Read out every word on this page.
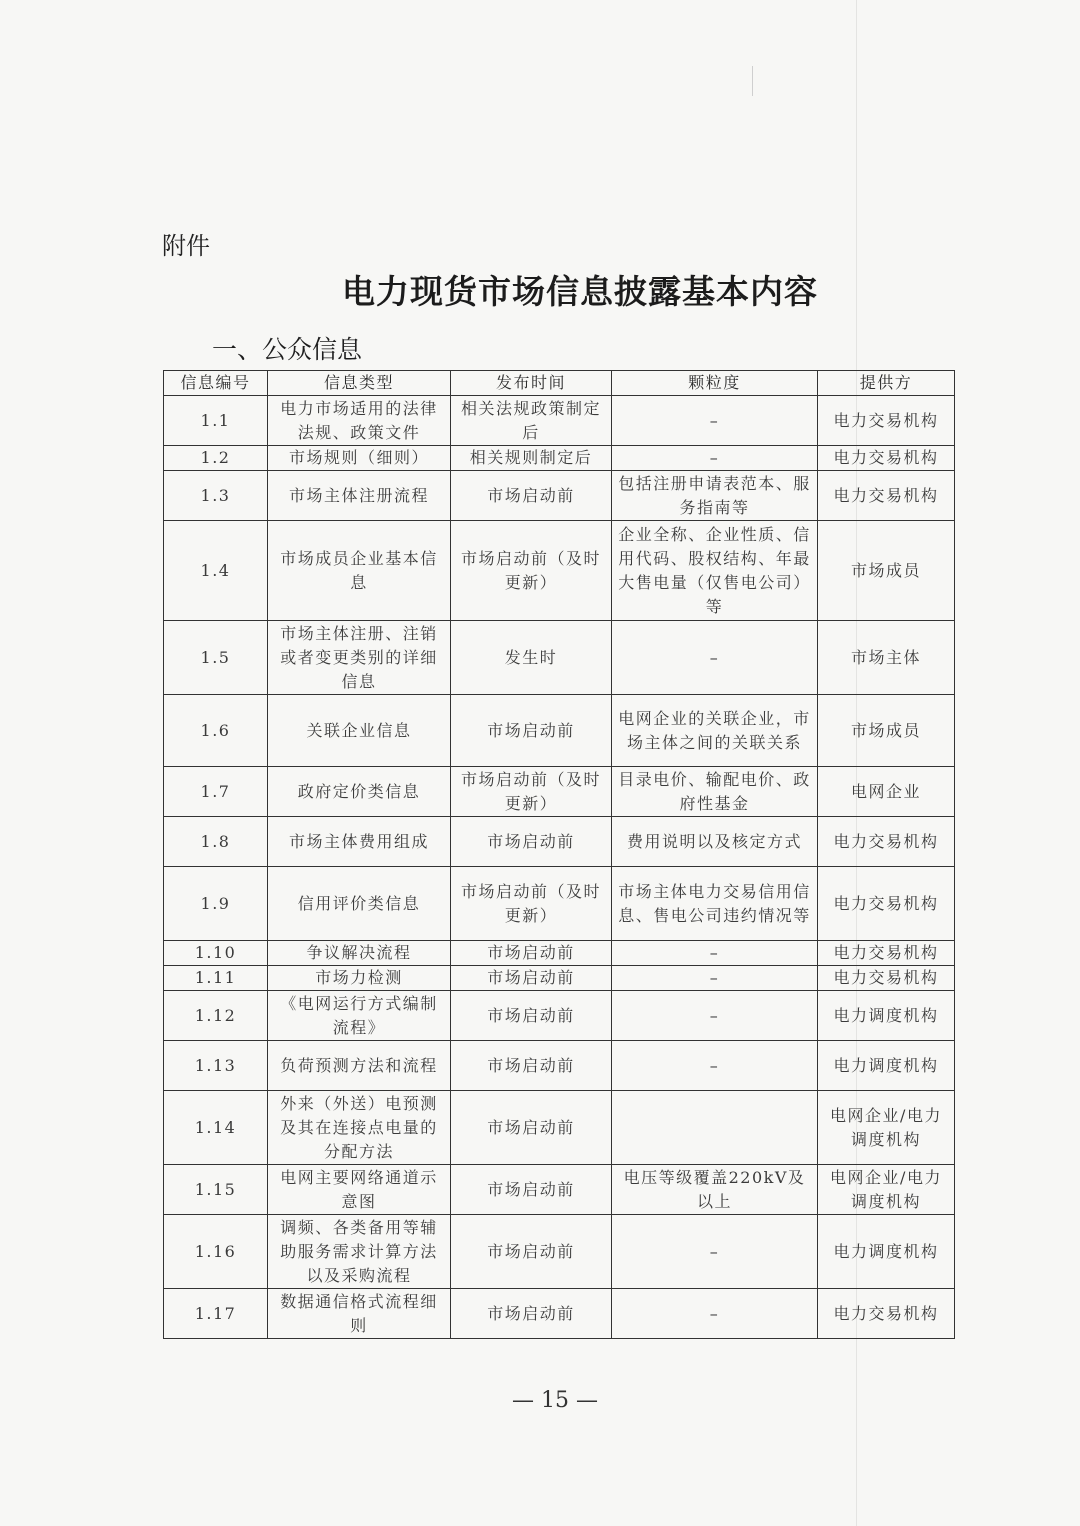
附件
电力现货市场信息披露基本内容
一、公众信息
信息编号	信息类型	发布时间	颗粒度	提供方
1.1	电力市场适用的法律法规、政策文件	相关法规政策制定后	–	电力交易机构
1.2	市场规则（细则）	相关规则制定后	–	电力交易机构
1.3	市场主体注册流程	市场启动前	包括注册申请表范本、服务指南等	电力交易机构
1.4	市场成员企业基本信息	市场启动前（及时更新）	企业全称、企业性质、信用代码、股权结构、年最大售电量（仅售电公司）等	市场成员
1.5	市场主体注册、注销或者变更类别的详细信息	发生时	–	市场主体
1.6	关联企业信息	市场启动前	电网企业的关联企业，市场主体之间的关联关系	市场成员
1.7	政府定价类信息	市场启动前（及时更新）	目录电价、输配电价、政府性基金	电网企业
1.8	市场主体费用组成	市场启动前	费用说明以及核定方式	电力交易机构
1.9	信用评价类信息	市场启动前（及时更新）	市场主体电力交易信用信息、售电公司违约情况等	电力交易机构
1.10	争议解决流程	市场启动前	–	电力交易机构
1.11	市场力检测	市场启动前	–	电力交易机构
1.12	《电网运行方式编制流程》	市场启动前	–	电力调度机构
1.13	负荷预测方法和流程	市场启动前	–	电力调度机构
1.14	外来（外送）电预测及其在连接点电量的分配方法	市场启动前		电网企业/电力调度机构
1.15	电网主要网络通道示意图	市场启动前	电压等级覆盖220kV及以上	电网企业/电力调度机构
1.16	调频、各类备用等辅助服务需求计算方法以及采购流程	市场启动前	–	电力调度机构
1.17	数据通信格式流程细则	市场启动前	–	电力交易机构
— 15 —
